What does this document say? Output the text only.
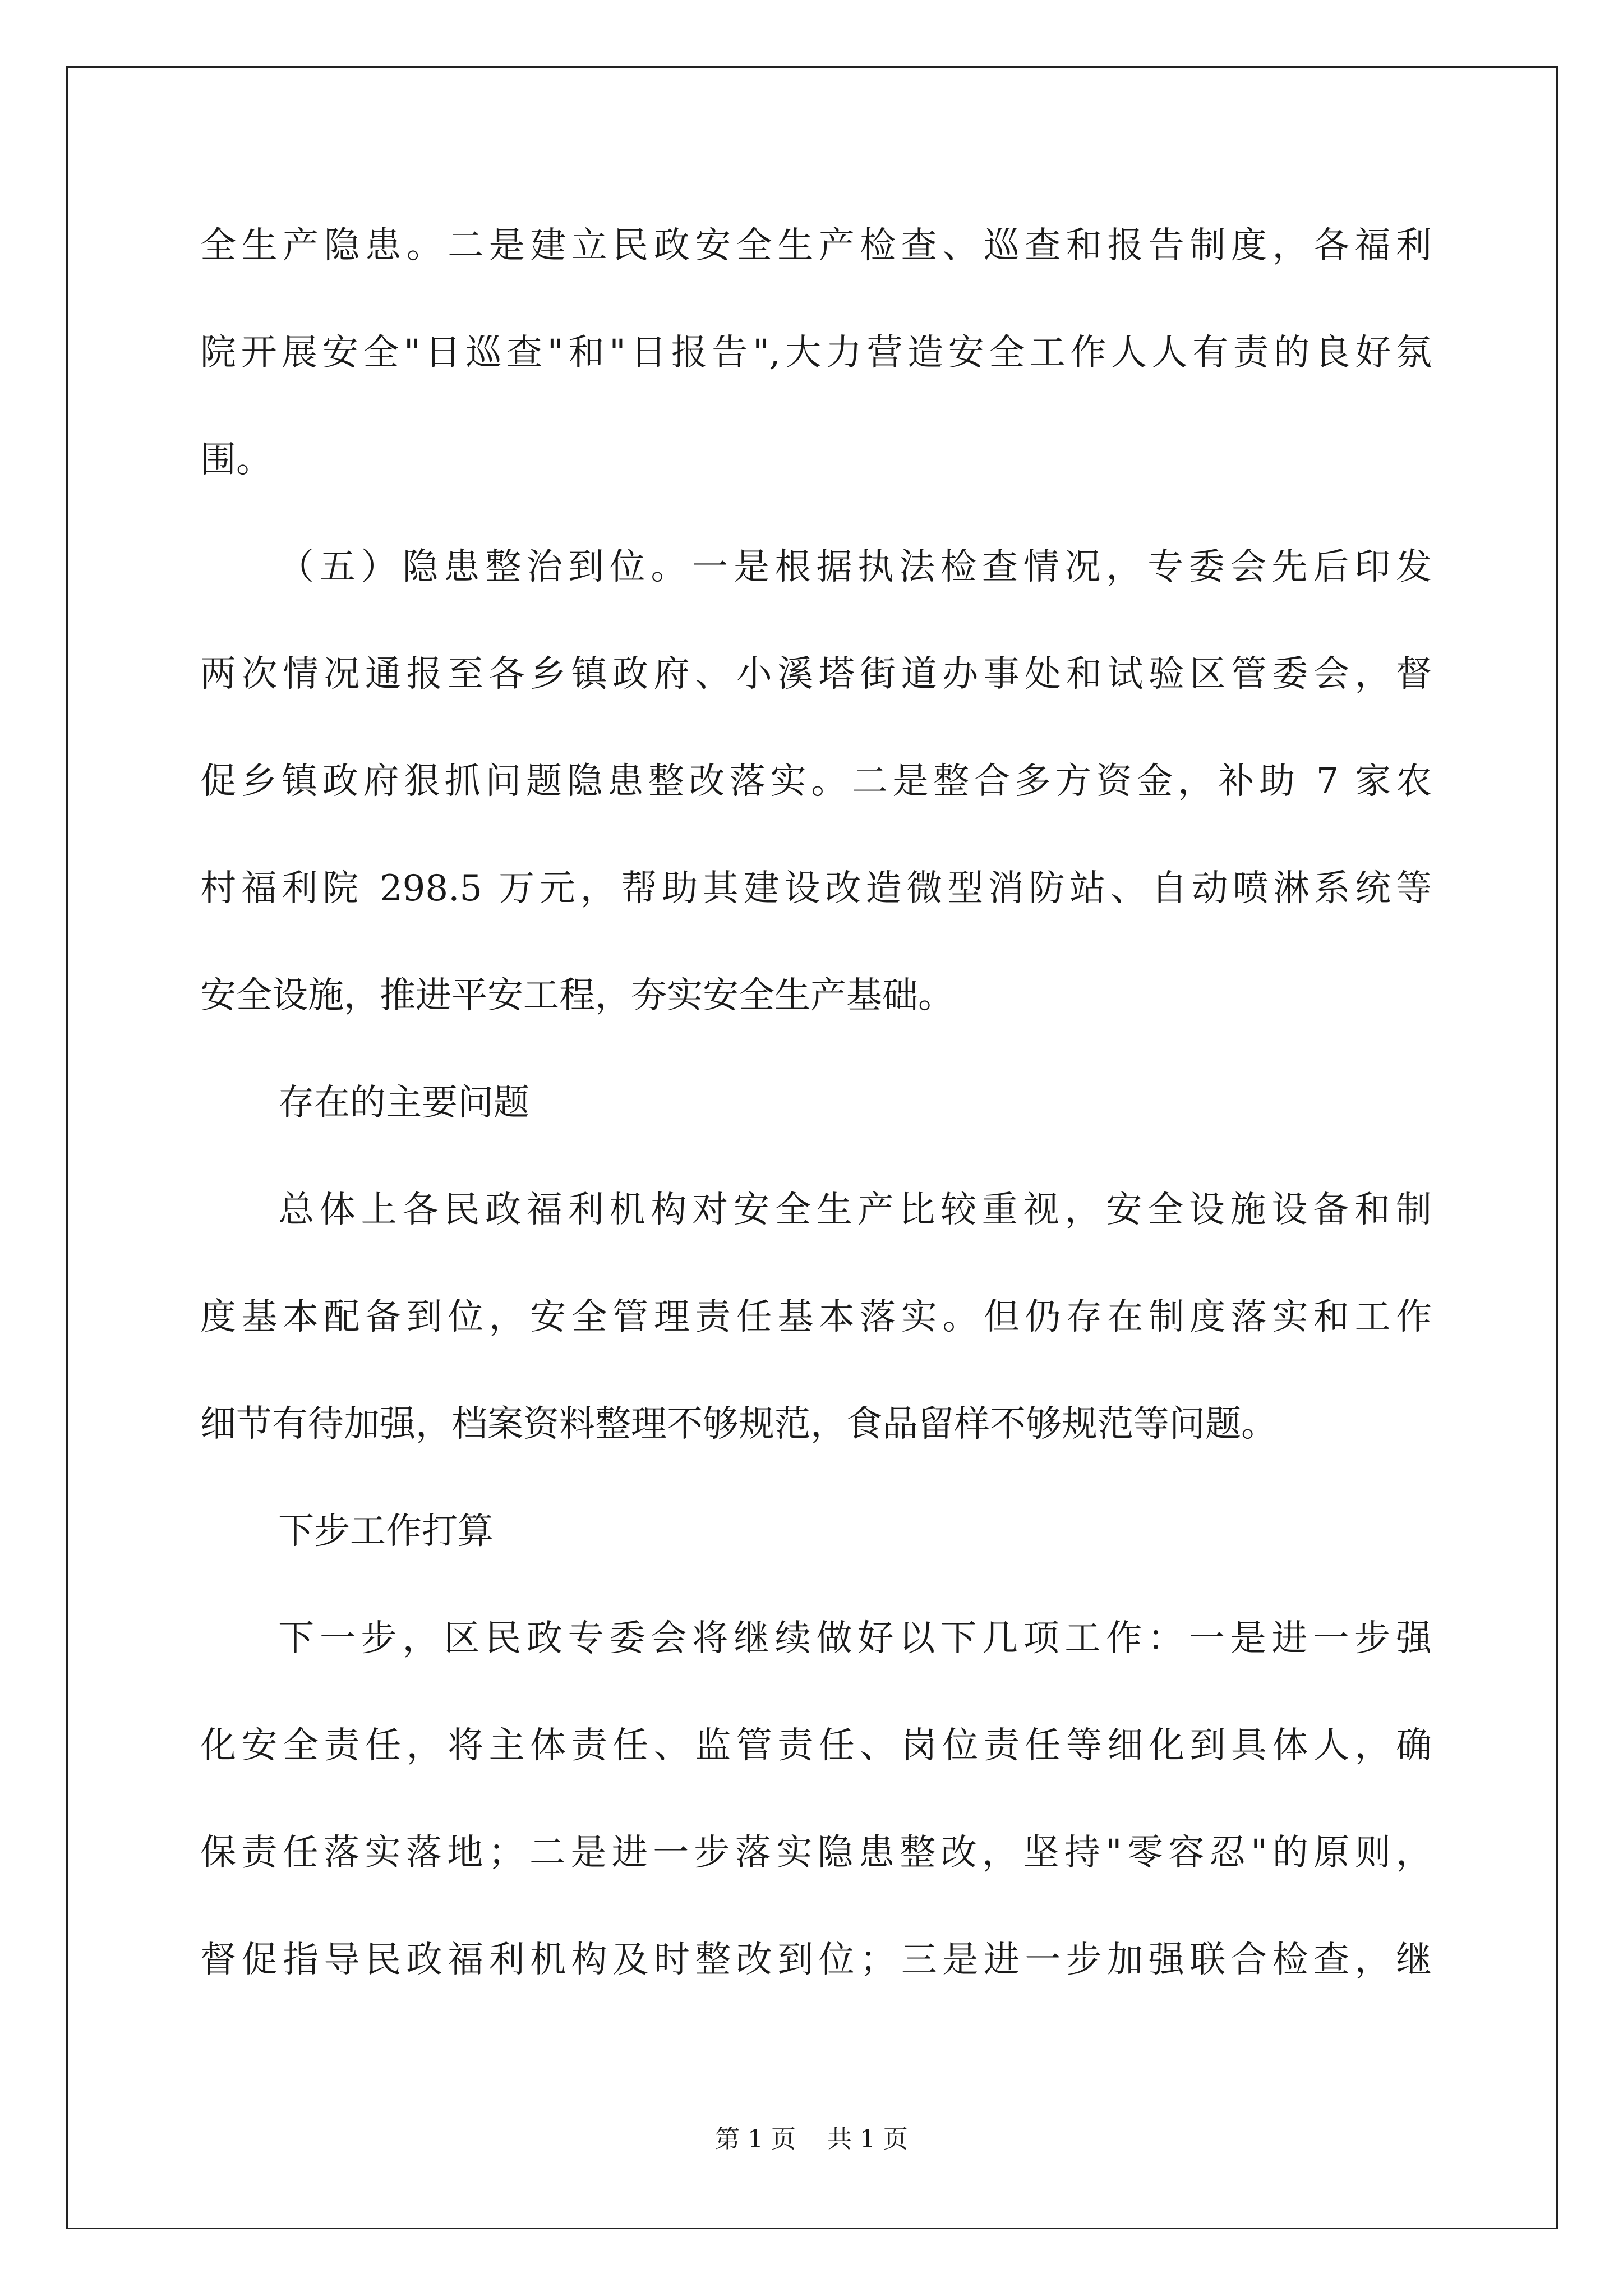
全生产隐患。二是建立民政安全生产检查、巡查和报告制度，各福利
院开展安全"日巡查"和"日报告",大力营造安全工作人人有责的良好氛
围。
（五）隐患整治到位。一是根据执法检查情况，专委会先后印发
两次情况通报至各乡镇政府、小溪塔街道办事处和试验区管委会，督
促乡镇政府狠抓问题隐患整改落实。二是整合多方资金，补助 7 家农
村福利院 298.5 万元，帮助其建设改造微型消防站、自动喷淋系统等
安全设施，推进平安工程，夯实安全生产基础。
存在的主要问题
总体上各民政福利机构对安全生产比较重视，安全设施设备和制
度基本配备到位，安全管理责任基本落实。但仍存在制度落实和工作
细节有待加强，档案资料整理不够规范，食品留样不够规范等问题。
下步工作打算
下一步，区民政专委会将继续做好以下几项工作：一是进一步强
化安全责任，将主体责任、监管责任、岗位责任等细化到具体人，确
保责任落实落地；二是进一步落实隐患整改，坚持"零容忍"的原则，
督促指导民政福利机构及时整改到位；三是进一步加强联合检查，继
第 1 页    共 1 页
